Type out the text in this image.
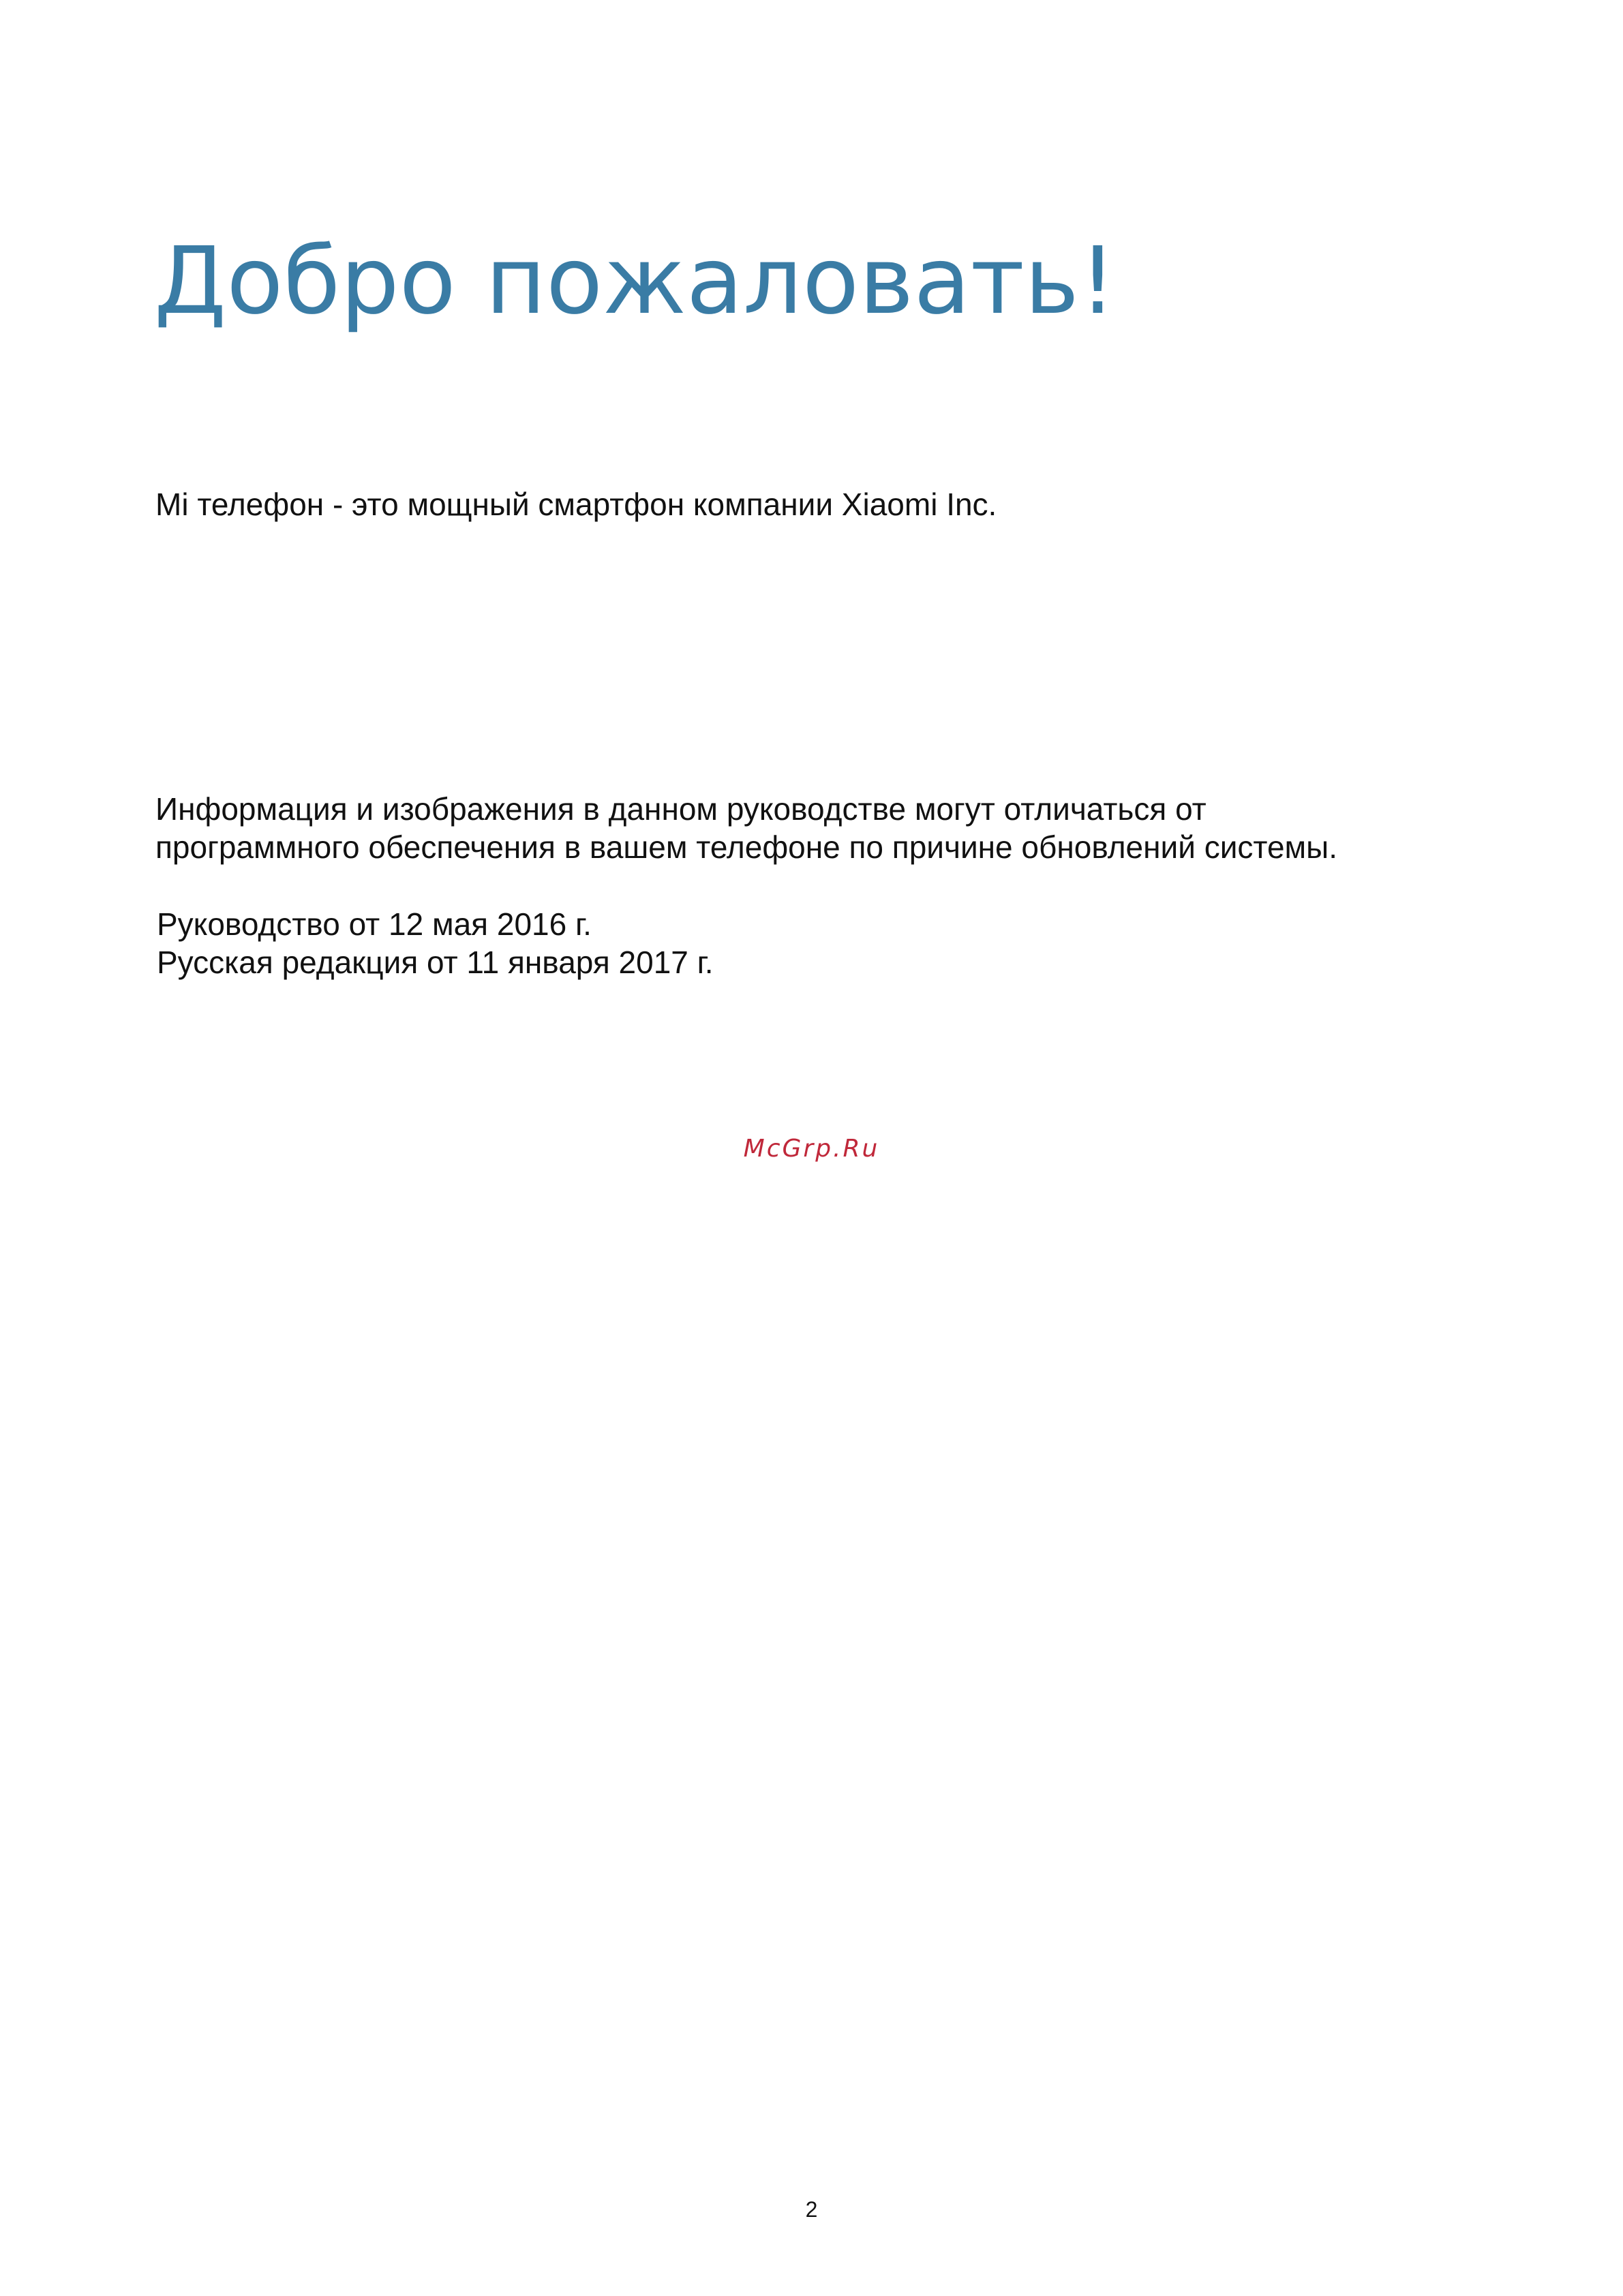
Добро пожаловать!

Mi телефон - это мощный смартфон компании Xiaomi Inc.

Информация и изображения в данном руководстве могут отличаться от
программного обеспечения в вашем телефоне по причине обновлений системы.

Руководство от 12 мая 2016 г.
Русская редакция от 11 января 2017 г.

McGrp.Ru
2
